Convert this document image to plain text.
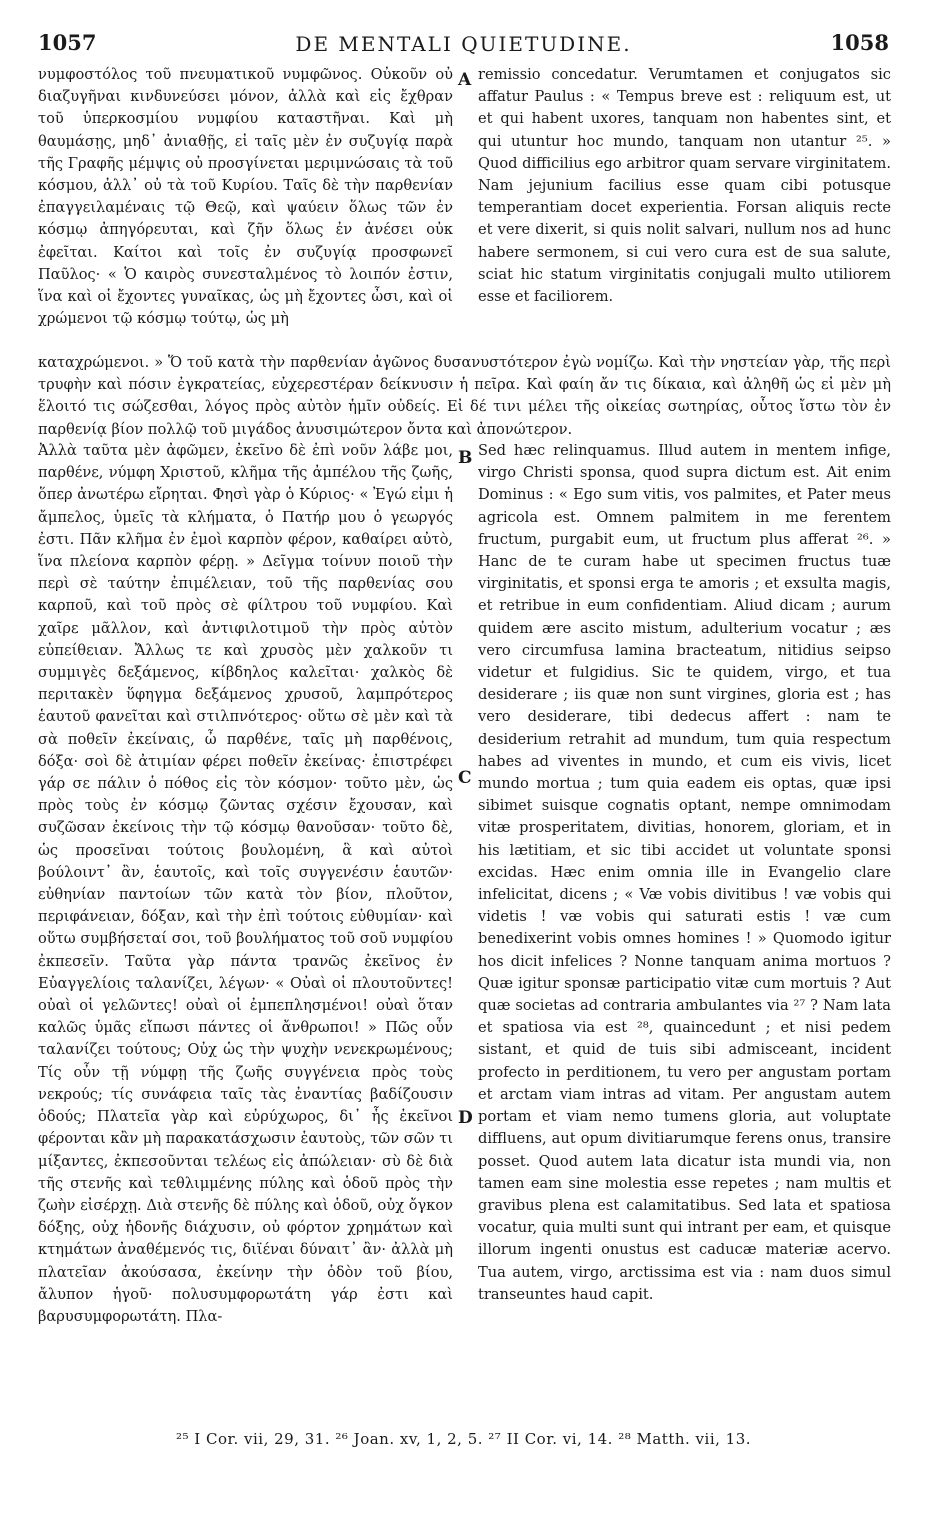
1057	DE MENTALI QUIETUDINE.	1058

νυμφοστόλος τοῦ πνευματικοῦ νυμφῶνος. Οὐκοῦν οὐ διαζυγῆναι κινδυνεύσει μόνον, ἀλλὰ καὶ εἰς ἔχθραν τοῦ ὑπερκοσμίου νυμφίου καταστῆναι. Καὶ μὴ θαυμάσῃς, μηδ᾿ ἀνιαθῇς, εἰ ταῖς μὲν ἐν συζυγίᾳ παρὰ τῆς Γραφῆς μέμψις οὐ προσγίνεται μεριμνώσαις τὰ τοῦ κόσμου, ἀλλ᾿ οὐ τὰ τοῦ Κυρίου. Ταῖς δὲ τὴν παρθενίαν ἐπαγγειλαμέναις τῷ Θεῷ, καὶ ψαύειν ὅλως τῶν ἐν κόσμῳ ἀπηγόρευται, καὶ ζῆν ὅλως ἐν ἀνέσει οὐκ ἐφεῖται. Καίτοι καὶ τοῖς ἐν συζυγίᾳ προσφωνεῖ Παῦλος· « Ὁ καιρὸς συνεσταλμένος τὸ λοιπόν ἐστιν, ἵνα καὶ οἱ ἔχοντες γυναῖκας, ὡς μὴ ἔχοντες ὦσι, καὶ οἱ χρώμενοι τῷ κόσμῳ τούτῳ, ὡς μὴ

A remissio concedatur. Verumtamen et conjugatos sic affatur Paulus : « Tempus breve est : reliquum est, ut et qui habent uxores, tanquam non habentes sint, et qui utuntur hoc mundo, tanquam non utantur ²⁵. » Quod difficilius ego arbitror quam servare virginitatem. Nam jejunium facilius esse quam cibi potusque temperantiam docet experientia. Forsan aliquis recte et vere dixerit, si quis nolit salvari, nullum nos ad hunc habere sermonem, si cui vero cura est de sua salute, sciat hic statum virginitatis conjugali multo utiliorem esse et faciliorem.

καταχρώμενοι. » Ὅ τοῦ κατὰ τὴν παρθενίαν ἀγῶνος δυσανυστότερον ἐγὼ νομίζω. Καὶ τὴν νηστείαν γὰρ, τῆς περὶ τρυφὴν καὶ πόσιν ἐγκρατείας, εὐχερεστέραν δείκνυσιν ἡ πεῖρα. Καὶ φαίη ἄν τις δίκαια, καὶ ἀληθῆ ὡς εἰ μὲν μὴ ἕλοιτό τις σώζεσθαι, λόγος πρὸς αὐτὸν ἡμῖν οὐδείς. Εἰ δέ τινι μέλει τῆς οἰκείας σωτηρίας, οὗτος ἴστω τὸν ἐν παρθενίᾳ βίον πολλῷ τοῦ μιγάδος ἀνυσιμώτερον ὄντα καὶ ἀπονώτερον.

Ἀλλὰ ταῦτα μὲν ἀφῶμεν, ἐκεῖνο δὲ ἐπὶ νοῦν λάβε μοι, παρθένε, νύμφη Χριστοῦ, κλῆμα τῆς ἀμπέλου τῆς ζωῆς, ὅπερ ἀνωτέρω εἴρηται. Φησὶ γὰρ ὁ Κύριος· « Ἐγώ εἰμι ἡ ἄμπελος, ὑμεῖς τὰ κλήματα, ὁ Πατήρ μου ὁ γεωργός ἐστι. Πᾶν κλῆμα ἐν ἐμοὶ καρπὸν φέρον, καθαίρει αὐτὸ, ἵνα πλείονα καρπὸν φέρῃ. » Δεῖγμα τοίνυν ποιοῦ τὴν περὶ σὲ ταύτην ἐπιμέλειαν, τοῦ τῆς παρθενίας σου καρποῦ, καὶ τοῦ πρὸς σὲ φίλτρου τοῦ νυμφίου. Καὶ χαῖρε μᾶλλον, καὶ ἀντιφιλοτιμοῦ τὴν πρὸς αὐτὸν εὐπείθειαν. Ἄλλως τε καὶ χρυσὸς μὲν χαλκοῦν τι συμμιγὲς δεξάμενος, κίβδηλος καλεῖται· χαλκὸς δὲ περιτακὲν ὕφηγμα δεξάμενος χρυσοῦ, λαμπρότερος ἑαυτοῦ φανεῖται καὶ στιλπνότερος· οὕτω σὲ μὲν καὶ τὰ σὰ ποθεῖν ἐκείναις, ὦ παρθένε, ταῖς μὴ παρθένοις, δόξα· σοὶ δὲ ἀτιμίαν φέρει ποθεῖν ἐκείνας· ἐπιστρέφει γάρ σε πάλιν ὁ πόθος εἰς τὸν κόσμον· τοῦτο μὲν, ὡς πρὸς τοὺς ἐν κόσμῳ ζῶντας σχέσιν ἔχουσαν, καὶ συζῶσαν ἐκείνοις τὴν τῷ κόσμῳ θανοῦσαν· τοῦτο δὲ, ὡς προσεῖναι τούτοις βουλομένη, ἃ καὶ αὐτοὶ βούλοιντ᾿ ἂν, ἑαυτοῖς, καὶ τοῖς συγγενέσιν ἑαυτῶν· εὐθηνίαν παντοίων τῶν κατὰ τὸν βίον, πλοῦτον, περιφάνειαν, δόξαν, καὶ τὴν ἐπὶ τούτοις εὐθυμίαν· καὶ οὕτω συμβήσεταί σοι, τοῦ βουλήματος τοῦ σοῦ νυμφίου ἐκπεσεῖν. Ταῦτα γὰρ πάντα τρανῶς ἐκεῖνος ἐν Εὐαγγελίοις ταλανίζει, λέγων· « Οὐαὶ οἱ πλουτοῦντες! οὐαὶ οἱ γελῶντες! οὐαὶ οἱ ἐμπεπλησμένοι! οὐαὶ ὅταν καλῶς ὑμᾶς εἴπωσι πάντες οἱ ἄνθρωποι! » Πῶς οὖν ταλανίζει τούτους; Οὐχ ὡς τὴν ψυχὴν νενεκρωμένους; Τίς οὖν τῇ νύμφῃ τῆς ζωῆς συγγένεια πρὸς τοὺς νεκρούς; τίς συνάφεια ταῖς τὰς ἐναντίας βαδίζουσιν ὁδούς; Πλατεῖα γὰρ καὶ εὐρύχωρος, δι᾿ ἧς ἐκεῖνοι φέρονται κἂν μὴ παρακατάσχωσιν ἑαυτοὺς, τῶν σῶν τι μίξαντες, ἐκπεσοῦνται τελέως εἰς ἀπώλειαν· σὺ δὲ διὰ τῆς στενῆς καὶ τεθλιμμένης πύλης καὶ ὁδοῦ πρὸς τὴν ζωὴν εἰσέρχῃ. Διὰ στενῆς δὲ πύλης καὶ ὁδοῦ, οὐχ ὄγκον δόξης, οὐχ ἡδονῆς διάχυσιν, οὐ φόρτον χρημάτων καὶ κτημάτων ἀναθέμενός τις, διϊέναι δύναιτ᾿ ἂν· ἀλλὰ μὴ πλατεῖαν ἀκούσασα, ἐκείνην τὴν ὁδὸν τοῦ βίου, ἄλυπον ἡγοῦ· πολυσυμφορωτάτη γάρ ἐστι καὶ βαρυσυμφορωτάτη. Πλα-

B
C
D

Sed hæc relinquamus. Illud autem in mentem infige, virgo Christi sponsa, quod supra dictum est. Ait enim Dominus : « Ego sum vitis, vos palmites, et Pater meus agricola est. Omnem palmitem in me ferentem fructum, purgabit eum, ut fructum plus afferat ²⁶. » Hanc de te curam habe ut specimen fructus tuæ virginitatis, et sponsi erga te amoris ; et exsulta magis, et retribue in eum confidentiam. Aliud dicam ; aurum quidem ære ascito mistum, adulterium vocatur ; æs vero circumfusa lamina bracteatum, nitidius seipso videtur et fulgidius. Sic te quidem, virgo, et tua desiderare ; iis quæ non sunt virgines, gloria est ; has vero desiderare, tibi dedecus affert : nam te desiderium retrahit ad mundum, tum quia respectum habes ad viventes in mundo, et cum eis vivis, licet mundo mortua ; tum quia eadem eis optas, quæ ipsi sibimet suisque cognatis optant, nempe omnimodam vitæ prosperitatem, divitias, honorem, gloriam, et in his lætitiam, et sic tibi accidet ut voluntate sponsi excidas. Hæc enim omnia ille in Evangelio clare infelicitat, dicens ; « Væ vobis divitibus ! væ vobis qui videtis ! væ vobis qui saturati estis ! væ cum benedixerint vobis omnes homines ! » Quomodo igitur hos dicit infelices ? Nonne tanquam anima mortuos ? Quæ igitur sponsæ participatio vitæ cum mortuis ? Aut quæ societas ad contraria ambulantes via ²⁷ ? Nam lata et spatiosa via est ²⁸, quaincedunt ; et nisi pedem sistant, et quid de tuis sibi admisceant, incident profecto in perditionem, tu vero per angustam portam et arctam viam intras ad vitam. Per angustam autem portam et viam nemo tumens gloria, aut voluptate diffluens, aut opum divitiarumque ferens onus, transire posset. Quod autem lata dicatur ista mundi via, non tamen eam sine molestia esse repetes ; nam multis et gravibus plena est calamitatibus. Sed lata et spatiosa vocatur, quia multi sunt qui intrant per eam, et quisque illorum ingenti onustus est caducæ materiæ acervo. Tua autem, virgo, arctissima est via : nam duos simul transeuntes haud capit.

²⁵ I Cor. vii, 29, 31. ²⁶ Joan. xv, 1, 2, 5. ²⁷ II Cor. vi, 14. ²⁸ Matth. vii, 13.
